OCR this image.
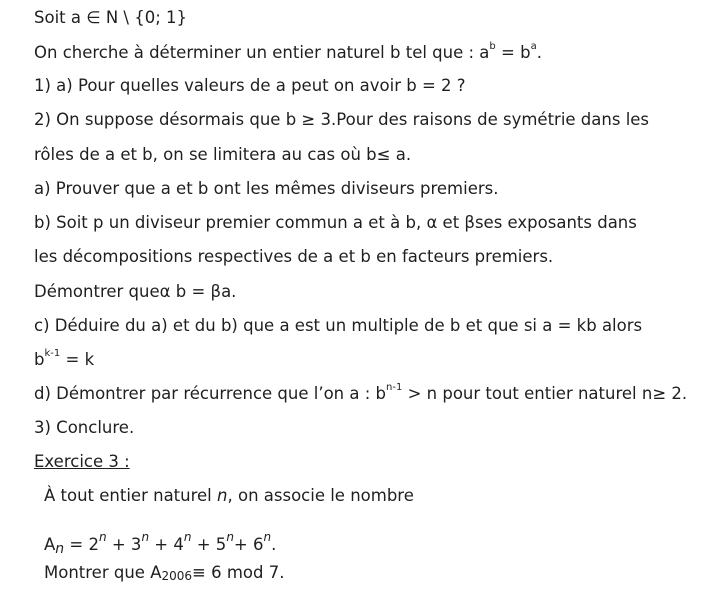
Soit a ∈ N \ {0; 1}
On cherche à déterminer un entier naturel b tel que : $a^b = b^a$.
1) a) Pour quelles valeurs de a peut on avoir b = 2 ?
2) On suppose désormais que b ≥ 3.Pour des raisons de symétrie dans les
rôles de a et b, on se limitera au cas où b≤ a.
a) Prouver que a et b ont les mêmes diviseurs premiers.
b) Soit p un diviseur premier commun a et à b, α et βses exposants dans
les décompositions respectives de a et b en facteurs premiers.
Démontrer queα b = βa.
c) Déduire du a) et du b) que a est un multiple de b et que si a = kb alors
$b^{k-1} = k$
d) Démontrer par récurrence que l’on a : $b^{n-1} > n$ pour tout entier naturel n≥ 2.
3) Conclure.
Exercice 3 :
À tout entier naturel n, on associe le nombre
$An = 2^n + 3^n + 4^n + 5^n+ 6^n$.
Montrer que A2006≡ 6 mod 7.
